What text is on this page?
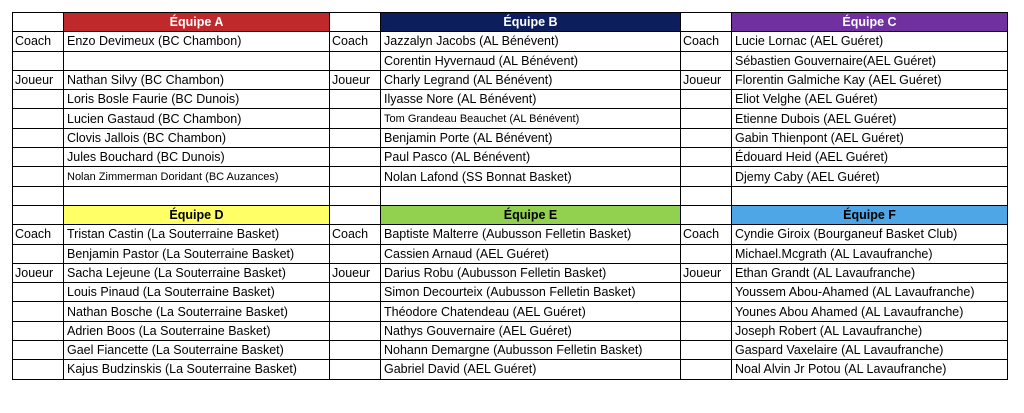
	Équipe A		Équipe B		Équipe C
Coach	Enzo Devimeux (BC Chambon)	Coach	Jazzalyn Jacobs (AL Bénévent)	Coach	Lucie Lornac (AEL Guéret)
			Corentin Hyvernaud (AL Bénévent)		Sébastien Gouvernaire(AEL Guéret)
Joueur	Nathan Silvy (BC Chambon)	Joueur	Charly Legrand (AL Bénévent)	Joueur	Florentin Galmiche Kay (AEL Guéret)
	Loris Bosle Faurie (BC Dunois)		Ilyasse Nore (AL Bénévent)		Eliot Velghe (AEL Guéret)
	Lucien Gastaud (BC Chambon)		Tom Grandeau Beauchet (AL Bénévent)		Etienne Dubois (AEL Guéret)
	Clovis Jallois (BC Chambon)		Benjamin Porte (AL Bénévent)		Gabin Thienpont (AEL Guéret)
	Jules Bouchard (BC Dunois)		Paul Pasco (AL Bénévent)		Édouard Heid (AEL Guéret)
	Nolan Zimmerman Doridant (BC Auzances)		Nolan Lafond (SS Bonnat Basket)		Djemy Caby (AEL Guéret)

	Équipe D		Équipe E		Équipe F
Coach	Tristan Castin (La Souterraine Basket)	Coach	Baptiste Malterre (Aubusson Felletin Basket)	Coach	Cyndie Giroix (Bourganeuf Basket Club)
	Benjamin Pastor (La Souterraine Basket)		Cassien Arnaud (AEL Guéret)		Michael.Mcgrath (AL Lavaufranche)
Joueur	Sacha Lejeune (La Souterraine Basket)	Joueur	Darius Robu (Aubusson Felletin Basket)	Joueur	Ethan Grandt (AL Lavaufranche)
	Louis Pinaud (La Souterraine Basket)		Simon Decourteix (Aubusson Felletin Basket)		Youssem Abou-Ahamed (AL Lavaufranche)
	Nathan Bosche (La Souterraine Basket)		Théodore Chatendeau (AEL Guéret)		Younes Abou Ahamed (AL Lavaufranche)
	Adrien Boos (La Souterraine Basket)		Nathys Gouvernaire (AEL Guéret)		Joseph Robert (AL Lavaufranche)
	Gael Fiancette (La Souterraine Basket)		Nohann Demargne (Aubusson Felletin Basket)		Gaspard Vaxelaire (AL Lavaufranche)
	Kajus Budzinskis (La Souterraine Basket)		Gabriel David (AEL Guéret)		Noal Alvin Jr Potou (AL Lavaufranche)
